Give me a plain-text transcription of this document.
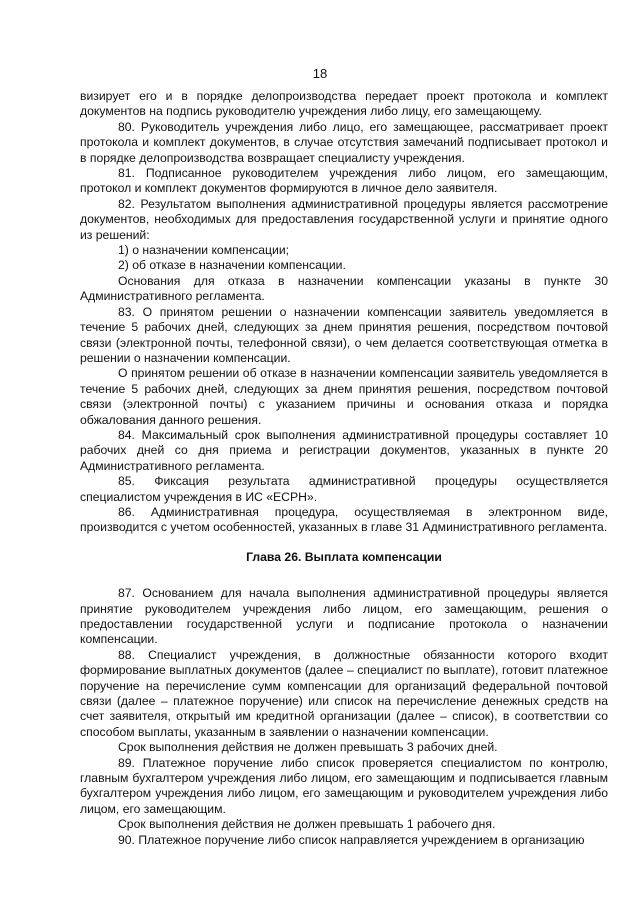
18

визирует его и в порядке делопроизводства передает проект протокола и комплект документов на подпись руководителю учреждения либо лицу, его замещающему.

80. Руководитель учреждения либо лицо, его замещающее, рассматривает проект протокола и комплект документов, в случае отсутствия замечаний подписывает протокол и в порядке делопроизводства возвращает специалисту учреждения.

81. Подписанное руководителем учреждения либо лицом, его замещающим, протокол и комплект документов формируются в личное дело заявителя.

82. Результатом выполнения административной процедуры является рассмотрение документов, необходимых для предоставления государственной услуги и принятие одного из решений:

1) о назначении компенсации;

2) об отказе в назначении компенсации.

Основания для отказа в назначении компенсации указаны в пункте 30 Административного регламента.

83. О принятом решении о назначении компенсации заявитель уведомляется в течение 5 рабочих дней, следующих за днем принятия решения, посредством почтовой связи (электронной почты, телефонной связи), о чем делается соответствующая отметка в решении о назначении компенсации.

О принятом решении об отказе в назначении компенсации заявитель уведомляется в течение 5 рабочих дней, следующих за днем принятия решения, посредством почтовой связи (электронной почты) с указанием причины и основания отказа и порядка обжалования данного решения.

84. Максимальный срок выполнения административной процедуры составляет 10 рабочих дней со дня приема и регистрации документов, указанных в пункте 20 Административного регламента.

85. Фиксация результата административной процедуры осуществляется специалистом учреждения в ИС «ЕСРН».

86. Административная процедура, осуществляемая в электронном виде, производится с учетом особенностей, указанных в главе 31 Административного регламента.

Глава 26. Выплата компенсации

87. Основанием для начала выполнения административной процедуры является принятие руководителем учреждения либо лицом, его замещающим, решения о предоставлении государственной услуги и подписание протокола о назначении компенсации.

88. Специалист учреждения, в должностные обязанности которого входит формирование выплатных документов (далее – специалист по выплате), готовит платежное поручение на перечисление сумм компенсации для организаций федеральной почтовой связи (далее – платежное поручение) или список на перечисление денежных средств на счет заявителя, открытый им кредитной организации (далее – список), в соответствии со способом выплаты, указанным в заявлении о назначении компенсации.

Срок выполнения действия не должен превышать 3 рабочих дней.

89. Платежное поручение либо список проверяется специалистом по контролю, главным бухгалтером учреждения либо лицом, его замещающим и подписывается главным бухгалтером учреждения либо лицом, его замещающим и руководителем учреждения либо лицом, его замещающим.

Срок выполнения действия не должен превышать 1 рабочего дня.

90. Платежное поручение либо список направляется учреждением в организацию
